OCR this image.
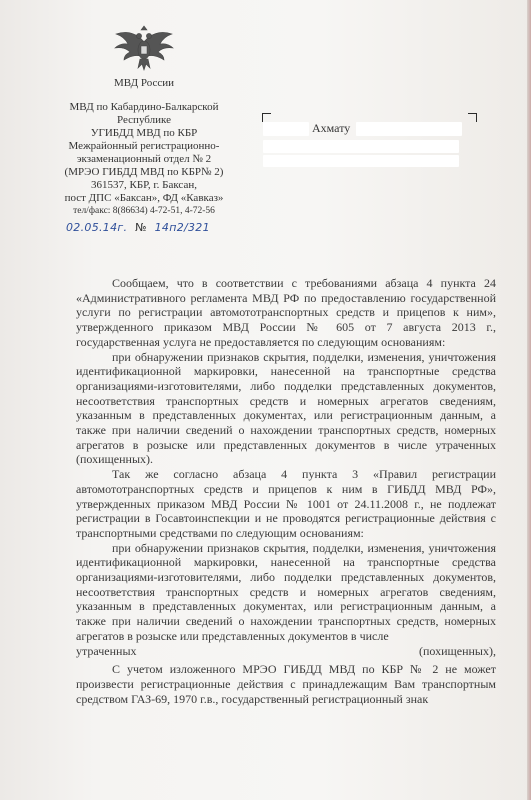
МВД России
МВД по Кабардино-Балкарской
Республике
УГИБДД МВД по КБР
Межрайонный регистрационно-
экзаменационный отдел № 2
(МРЭО ГИБДД МВД по КБР№ 2)
361537, КБР, г. Баксан,
пост ДПС «Баксан», ФД «Кавказ»
тел/факс: 8(86634) 4-72-51, 4-72-56
02.05.14г. № 14п2/321
Ахмату

Сообщаем, что в соответствии с требованиями абзаца 4 пункта 24 «Административного регламента МВД РФ по предоставлению государственной услуги по регистрации автомототранспортных средств и прицепов к ним», утвержденного приказом МВД России № 605 от 7 августа 2013 г., государственная услуга не предоставляется по следующим основаниям:

при обнаружении признаков скрытия, подделки, изменения, уничтожения идентификационной маркировки, нанесенной на транспортные средства организациями-изготовителями, либо подделки представленных документов, несоответствия транспортных средств и номерных агрегатов сведениям, указанным в представленных документах, или регистрационным данным, а также при наличии сведений о нахождении транспортных средств, номерных агрегатов в розыске или представленных документов в числе утраченных (похищенных).

Так же согласно абзаца 4 пункта 3 «Правил регистрации автомототранспортных средств и прицепов к ним в ГИБДД МВД РФ», утвержденных приказом МВД России № 1001 от 24.11.2008 г., не подлежат регистрации в Госавтоинспекции и не проводятся регистрационные действия с транспортными средствами по следующим основаниям:

при обнаружении признаков скрытия, подделки, изменения, уничтожения идентификационной маркировки, нанесенной на транспортные средства организациями-изготовителями, либо подделки представленных документов, несоответствия транспортных средств и номерных агрегатов сведениям, указанным в представленных документах, или регистрационным данным, а также при наличии сведений о нахождении транспортных средств, номерных агрегатов в розыске или представленных документов в числе

утраченных	(похищенных),

С учетом изложенного МРЭО ГИБДД МВД по КБР № 2 не может произвести регистрационные действия с принадлежащим Вам транспортным средством ГАЗ-69, 1970 г.в., государственный регистрационный знак
